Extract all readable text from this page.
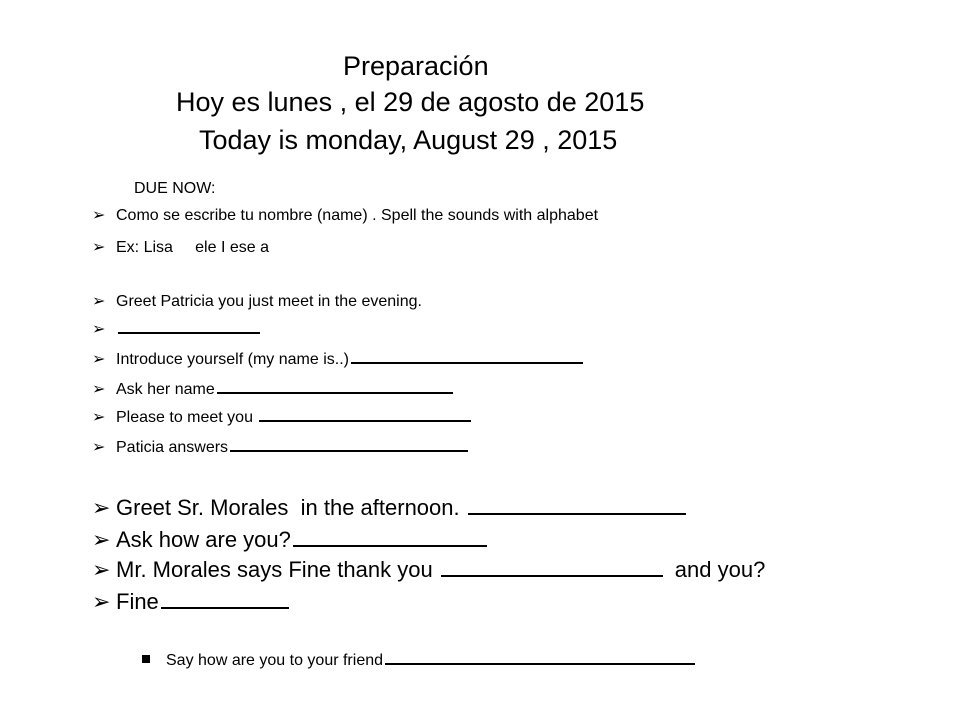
Preparación
Hoy es lunes , el 29 de agosto de 2015
Today is monday, August 29 , 2015
DUE NOW:
➢ Como se escribe tu nombre (name) . Spell the sounds with alphabet
➢ Ex: Lisa     ele I ese a
➢ Greet Patricia you just meet in the evening.
➢
➢ Introduce yourself (my name is..)
➢ Ask her name
➢ Please to meet you
➢ Paticia answers
➢ Greet Sr. Morales  in the afternoon.
➢ Ask how are you?
➢ Mr. Morales says Fine thank you	and you?
➢ Fine
Say how are you to your friend
